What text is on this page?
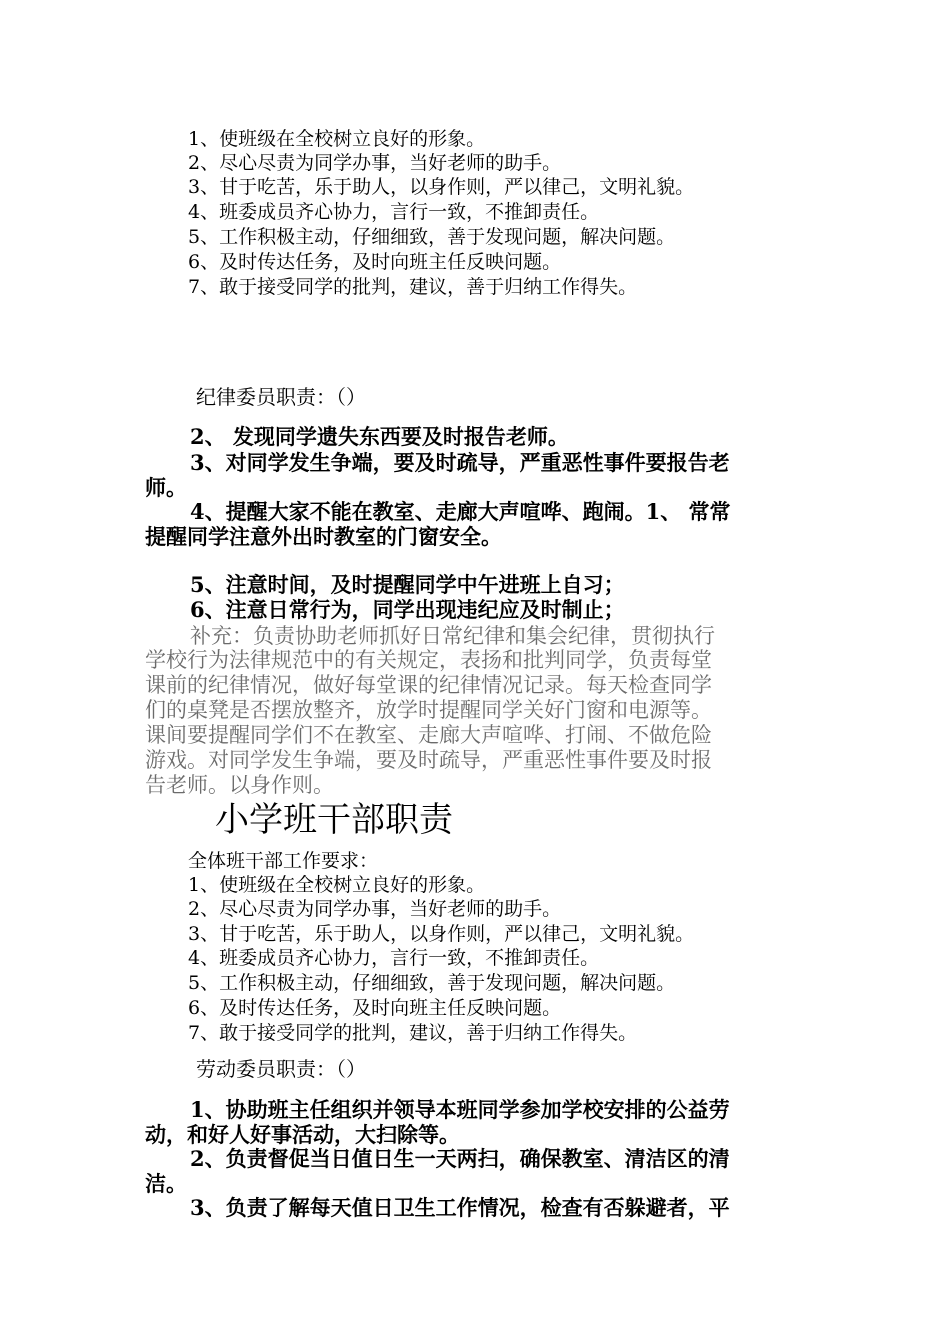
1、使班级在全校树立良好的形象。
2、尽心尽责为同学办事，当好老师的助手。
3、甘于吃苦，乐于助人，以身作则，严以律己，文明礼貌。
4、班委成员齐心协力，言行一致，不推卸责任。
5、工作积极主动，仔细细致，善于发现问题，解决问题。
6、及时传达任务，及时向班主任反映问题。
7、敢于接受同学的批判，建议，善于归纳工作得失。
纪律委员职责：（）
2、 发现同学遗失东西要及时报告老师。
3、对同学发生争端，要及时疏导，严重恶性事件要报告老
师。
4、提醒大家不能在教室、走廊大声喧哗、跑闹。1、 常常
提醒同学注意外出时教室的门窗安全。
5、注意时间，及时提醒同学中午进班上自习；
6、注意日常行为，同学出现违纪应及时制止；
补充：负责协助老师抓好日常纪律和集会纪律，贯彻执行
学校行为法律规范中的有关规定，表扬和批判同学，负责每堂
课前的纪律情况，做好每堂课的纪律情况记录。每天检查同学
们的桌凳是否摆放整齐，放学时提醒同学关好门窗和电源等。
课间要提醒同学们不在教室、走廊大声喧哗、打闹、不做危险
游戏。对同学发生争端，要及时疏导，严重恶性事件要及时报
告老师。以身作则。
小学班干部职责
全体班干部工作要求：
1、使班级在全校树立良好的形象。
2、尽心尽责为同学办事，当好老师的助手。
3、甘于吃苦，乐于助人，以身作则，严以律己，文明礼貌。
4、班委成员齐心协力，言行一致，不推卸责任。
5、工作积极主动，仔细细致，善于发现问题，解决问题。
6、及时传达任务，及时向班主任反映问题。
7、敢于接受同学的批判，建议，善于归纳工作得失。
劳动委员职责：（）
1、协助班主任组织并领导本班同学参加学校安排的公益劳
动，和好人好事活动，大扫除等。
2、负责督促当日值日生一天两扫，确保教室、清洁区的清
洁。
3、负责了解每天值日卫生工作情况，检查有否躲避者，平
